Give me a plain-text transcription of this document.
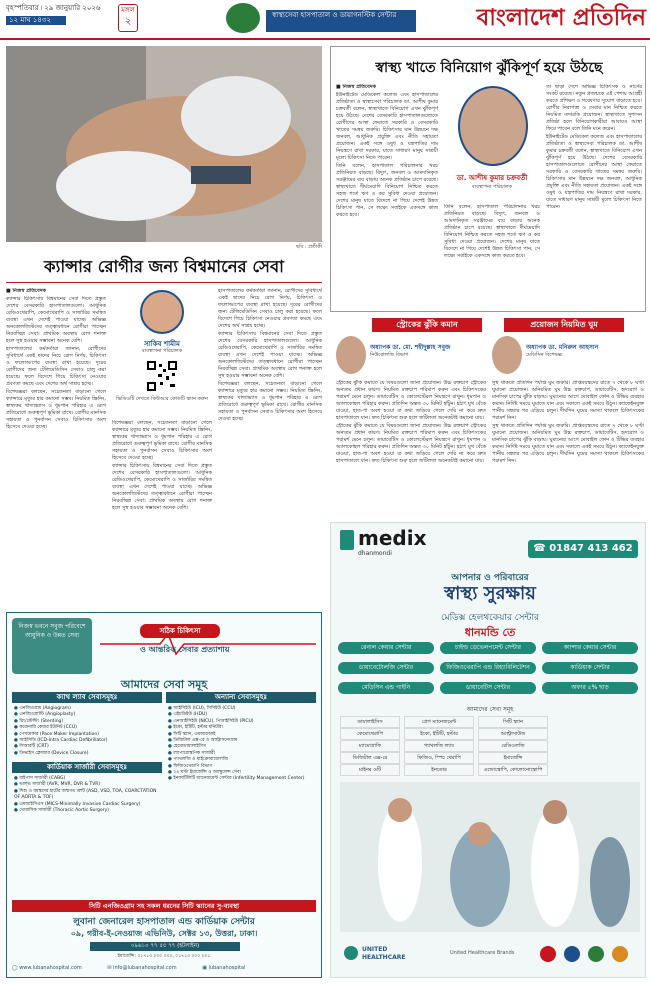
বৃহস্পতিবার ৷ ২৯ জানুয়ারি ২০২৬
১২ মাঘ ১৪৩২
মঙ্গল
২
স্বাস্থ্যসেবা হাসপাতাল ও ডায়াগনস্টিক সেন্টার	বাংলাদেশ প্রতিদিন
ছবি : প্রতীকী
ক্যান্সার রোগীর জন্য বিশ্বমানের সেবা
■ নিজস্ব প্রতিবেদক

ক্যান্সার চিকিৎসায় বিশ্বমানের সেবা দিতে প্রস্তুত দেশের বেসরকারি হাসপাতালগুলো। আধুনিক রেডিওথেরাপি, কেমোথেরাপি ও সার্জারির সমন্বিত ব্যবস্থা এখন দেশেই পাওয়া যাচ্ছে। অভিজ্ঞ অনকোলজিস্টদের তত্ত্বাবধানে রোগীরা পাচ্ছেন নিরবচ্ছিন্ন সেবা। প্রাথমিক অবস্থায় রোগ শনাক্ত হলে সুস্থ হওয়ার সম্ভাবনা অনেক বেশি।

হাসপাতালের কর্মকর্তারা জানান, রোগীদের সুবিধার্থে একই ছাদের নিচে রোগ নির্ণয়, চিকিৎসা ও ফলোআপের ব্যবস্থা রাখা হয়েছে। দূরের রোগীদের জন্য টেলিমেডিসিন সেবাও চালু করা হয়েছে। ফলে বিদেশে গিয়ে চিকিৎসা নেওয়ার প্রবণতা কমছে এবং দেশের অর্থ সাশ্রয় হচ্ছে।

বিশেষজ্ঞরা বলছেন, সচেতনতা বাড়ানো গেলে ক্যান্সারে মৃত্যুর হার কমানো সম্ভব। নিয়মিত স্ক্রিনিং, স্বাস্থ্যকর খাদ্যাভ্যাস ও ধূমপান পরিহার এ রোগ প্রতিরোধে গুরুত্বপূর্ণ ভূমিকা রাখে। রোগীর মানসিক সহায়তা ও পুনর্বাসন সেবাও চিকিৎসার অংশ হিসেবে দেওয়া হচ্ছে।

সাকিব শামীম
ব্যবস্থাপনা পরিচালক
ভিডিওটি দেখতে কিউআর কোডটি স্ক্যান করুন

বিশেষজ্ঞরা বলছেন, সচেতনতা বাড়ানো গেলে ক্যান্সারে মৃত্যুর হার কমানো সম্ভব। নিয়মিত স্ক্রিনিং, স্বাস্থ্যকর খাদ্যাভ্যাস ও ধূমপান পরিহার এ রোগ প্রতিরোধে গুরুত্বপূর্ণ ভূমিকা রাখে। রোগীর মানসিক সহায়তা ও পুনর্বাসন সেবাও চিকিৎসার অংশ হিসেবে দেওয়া হচ্ছে।

ক্যান্সার চিকিৎসায় বিশ্বমানের সেবা দিতে প্রস্তুত দেশের বেসরকারি হাসপাতালগুলো। আধুনিক রেডিওথেরাপি, কেমোথেরাপি ও সার্জারির সমন্বিত ব্যবস্থা এখন দেশেই পাওয়া যাচ্ছে। অভিজ্ঞ অনকোলজিস্টদের তত্ত্বাবধানে রোগীরা পাচ্ছেন নিরবচ্ছিন্ন সেবা। প্রাথমিক অবস্থায় রোগ শনাক্ত হলে সুস্থ হওয়ার সম্ভাবনা অনেক বেশি।

হাসপাতালের কর্মকর্তারা জানান, রোগীদের সুবিধার্থে একই ছাদের নিচে রোগ নির্ণয়, চিকিৎসা ও ফলোআপের ব্যবস্থা রাখা হয়েছে। দূরের রোগীদের জন্য টেলিমেডিসিন সেবাও চালু করা হয়েছে। ফলে বিদেশে গিয়ে চিকিৎসা নেওয়ার প্রবণতা কমছে এবং দেশের অর্থ সাশ্রয় হচ্ছে।

ক্যান্সার চিকিৎসায় বিশ্বমানের সেবা দিতে প্রস্তুত দেশের বেসরকারি হাসপাতালগুলো। আধুনিক রেডিওথেরাপি, কেমোথেরাপি ও সার্জারির সমন্বিত ব্যবস্থা এখন দেশেই পাওয়া যাচ্ছে। অভিজ্ঞ অনকোলজিস্টদের তত্ত্বাবধানে রোগীরা পাচ্ছেন নিরবচ্ছিন্ন সেবা। প্রাথমিক অবস্থায় রোগ শনাক্ত হলে সুস্থ হওয়ার সম্ভাবনা অনেক বেশি।

বিশেষজ্ঞরা বলছেন, সচেতনতা বাড়ানো গেলে ক্যান্সারে মৃত্যুর হার কমানো সম্ভব। নিয়মিত স্ক্রিনিং, স্বাস্থ্যকর খাদ্যাভ্যাস ও ধূমপান পরিহার এ রোগ প্রতিরোধে গুরুত্বপূর্ণ ভূমিকা রাখে। রোগীর মানসিক সহায়তা ও পুনর্বাসন সেবাও চিকিৎসার অংশ হিসেবে দেওয়া হচ্ছে।

স্বাস্থ্য খাতে বিনিয়োগ ঝুঁকিপূর্ণ হয়ে উঠছে
■ নিজস্ব প্রতিবেদক

ইউনাইটেড মেডিকেল কলেজ এবং হাসপাতালের প্রতিষ্ঠাতা ও স্বাস্থ্যসেবা পরিচালক ডা. আশীষ কুমার চক্রবর্তী বলেন, স্বাস্থ্যখাতে বিনিয়োগ এখন ঝুঁকিপূর্ণ হয়ে উঠছে। দেশের বেসরকারি হাসপাতালগুলোতে রোগীদের আস্থা ফেরাতে সরকারি ও বেসরকারি খাতের সমন্বয় জরুরি। চিকিৎসার মান উন্নয়নে দক্ষ জনবল, আধুনিক প্রযুক্তি এবং নীতি সহায়তা প্রয়োজন। একই সঙ্গে ওষুধ ও যন্ত্রপাতির দাম নিয়ন্ত্রণে রাখা দরকার, যাতে সাধারণ মানুষ সাশ্রয়ী মূল্যে চিকিৎসা নিতে পারেন।

তিনি বলেন, হাসপাতাল পরিচালনার খরচ প্রতিনিয়ত বাড়ছে। বিদ্যুৎ, জনবল ও আমদানিকৃত সরঞ্জামের ব্যয় বাড়ায় অনেক প্রতিষ্ঠান চাপে রয়েছে। স্বাস্থ্যখাতে দীর্ঘমেয়াদি বিনিয়োগ নিশ্চিত করতে সহজ শর্তে ঋণ ও কর সুবিধা দেওয়া প্রয়োজন। দেশের মানুষ যাতে বিদেশে না গিয়ে দেশেই উন্নত চিকিৎসা পান, সে লক্ষ্যে সবাইকে একসঙ্গে কাজ করতে হবে।

ডা. আশীষ কুমার চক্রবর্তী
ব্যবস্থাপনা পরিচালক

তিনি বলেন, হাসপাতাল পরিচালনার খরচ প্রতিনিয়ত বাড়ছে। বিদ্যুৎ, জনবল ও আমদানিকৃত সরঞ্জামের ব্যয় বাড়ায় অনেক প্রতিষ্ঠান চাপে রয়েছে। স্বাস্থ্যখাতে দীর্ঘমেয়াদি বিনিয়োগ নিশ্চিত করতে সহজ শর্তে ঋণ ও কর সুবিধা দেওয়া প্রয়োজন। দেশের মানুষ যাতে বিদেশে না গিয়ে দেশেই উন্নত চিকিৎসা পান, সে লক্ষ্যে সবাইকে একসঙ্গে কাজ করতে হবে।

তা ছাড়া দেশে অভিজ্ঞ চিকিৎসক ও নার্সের সংকট রয়েছে। নতুন প্রজন্মকে এই পেশায় আগ্রহী করতে প্রশিক্ষণ ও গবেষণার সুযোগ বাড়াতে হবে। রোগীর নিরাপত্তা ও সেবার মান নিশ্চিত করতে নিয়মিত তদারকি প্রয়োজন। স্বাস্থ্যখাতে সুশাসন প্রতিষ্ঠা হলে বিনিয়োগকারীরা আবারও আস্থা ফিরে পাবেন বলে তিনি মনে করেন।

ইউনাইটেড মেডিকেল কলেজ এবং হাসপাতালের প্রতিষ্ঠাতা ও স্বাস্থ্যসেবা পরিচালক ডা. আশীষ কুমার চক্রবর্তী বলেন, স্বাস্থ্যখাতে বিনিয়োগ এখন ঝুঁকিপূর্ণ হয়ে উঠছে। দেশের বেসরকারি হাসপাতালগুলোতে রোগীদের আস্থা ফেরাতে সরকারি ও বেসরকারি খাতের সমন্বয় জরুরি। চিকিৎসার মান উন্নয়নে দক্ষ জনবল, আধুনিক প্রযুক্তি এবং নীতি সহায়তা প্রয়োজন। একই সঙ্গে ওষুধ ও যন্ত্রপাতির দাম নিয়ন্ত্রণে রাখা দরকার, যাতে সাধারণ মানুষ সাশ্রয়ী মূল্যে চিকিৎসা নিতে পারেন।

স্ট্রোকের ঝুঁকি কমান
অধ্যাপক ডা. মো. শহীদুল্লাহ সবুজ
নিউরোলজি বিভাগ

স্ট্রোকের ঝুঁকি কমাতে যে বিষয়গুলো জানা প্রয়োজন। উচ্চ রক্তচাপ স্ট্রোকের অন্যতম প্রধান কারণ। নিয়মিত রক্তচাপ পরিমাপ করুন এবং চিকিৎসকের পরামর্শ মেনে চলুন। ডায়াবেটিস ও কোলেস্টেরল নিয়ন্ত্রণে রাখুন। ধূমপান ও অ্যালকোহল পরিহার করুন। প্রতিদিন অন্তত ৩০ মিনিট হাঁটুন। হঠাৎ মুখ বেঁকে যাওয়া, হাত-পা অবশ হওয়া বা কথা জড়িয়ে গেলে দেরি না করে দ্রুত হাসপাতালে যান। দ্রুত চিকিৎসা শুরু হলে জটিলতা অনেকটাই কমানো যায়।

স্ট্রোকের ঝুঁকি কমাতে যে বিষয়গুলো জানা প্রয়োজন। উচ্চ রক্তচাপ স্ট্রোকের অন্যতম প্রধান কারণ। নিয়মিত রক্তচাপ পরিমাপ করুন এবং চিকিৎসকের পরামর্শ মেনে চলুন। ডায়াবেটিস ও কোলেস্টেরল নিয়ন্ত্রণে রাখুন। ধূমপান ও অ্যালকোহল পরিহার করুন। প্রতিদিন অন্তত ৩০ মিনিট হাঁটুন। হঠাৎ মুখ বেঁকে যাওয়া, হাত-পা অবশ হওয়া বা কথা জড়িয়ে গেলে দেরি না করে দ্রুত হাসপাতালে যান। দ্রুত চিকিৎসা শুরু হলে জটিলতা অনেকটাই কমানো যায়।

প্রয়োজন নিয়মিত ঘুম
অধ্যাপক ডা. মনিরুল আহসান
মেডিসিন বিশেষজ্ঞ

সুস্থ থাকতে প্রতিদিন পর্যাপ্ত ঘুম জরুরি। প্রাপ্তবয়স্কদের রাতে ৭ থেকে ৮ ঘণ্টা ঘুমানো প্রয়োজন। অনিয়মিত ঘুম উচ্চ রক্তচাপ, ডায়াবেটিস, হৃদরোগ ও মানসিক চাপের ঝুঁকি বাড়ায়। ঘুমানোর আগে মোবাইল ফোন ও টিভির ব্যবহার কমান। নির্দিষ্ট সময়ে ঘুমাতে যান এবং সকালে একই সময়ে উঠুন। ক্যাফেইনযুক্ত পানীয় সন্ধ্যার পর এড়িয়ে চলুন। দীর্ঘদিন ঘুমের সমস্যা থাকলে চিকিৎসকের পরামর্শ নিন।

সুস্থ থাকতে প্রতিদিন পর্যাপ্ত ঘুম জরুরি। প্রাপ্তবয়স্কদের রাতে ৭ থেকে ৮ ঘণ্টা ঘুমানো প্রয়োজন। অনিয়মিত ঘুম উচ্চ রক্তচাপ, ডায়াবেটিস, হৃদরোগ ও মানসিক চাপের ঝুঁকি বাড়ায়। ঘুমানোর আগে মোবাইল ফোন ও টিভির ব্যবহার কমান। নির্দিষ্ট সময়ে ঘুমাতে যান এবং সকালে একই সময়ে উঠুন। ক্যাফেইনযুক্ত পানীয় সন্ধ্যার পর এড়িয়ে চলুন। দীর্ঘদিন ঘুমের সমস্যা থাকলে চিকিৎসকের পরামর্শ নিন।

নিজস্ব ভবনে সবুজ পরিবেশে আধুনিক ও উন্নত সেবা
সঠিক চিকিৎসা
ও আন্তরিক সেবার প্রত্যাশায়
আমাদের সেবা সমূহ
ক্যাথ ল্যাব সেবাসমূহঃ
● এনজিওগ্রাম (Angiogram)
● এনজিওপ্লাস্টি (Angioplasty)
● রিং/স্টেন্টিং (Stenting)
● করোনারি কেয়ার ইউনিট (CCU)
● পেসমেকার (Pace Maker Implantation)
● আইসিডি (ICD-Intra Cardiac Defibrillator)
● সিআরটি (CRT)
● ডিভাইস ক্লোজার (Device Closure)
কার্ডিয়াক সার্জারী সেবাসমূহঃ
● বাইপাস সার্জারী (CABG)
● ভাল্‌ভ সার্জারী (AVR, MVR, DVR & TVR)
● শিশু ও বয়স্কদের হার্টের জন্মগত ত্রুটি (ASD, VSD, TOA, COARCTATION OF AORTA & TOF)
● এমআইসিএস (MICS-Minimally Invasive Cardiac Surgery)
● থোরাসিক সার্জারী (Thoracic Aortic Surgery)
অন্যান্য সেবাসমূহঃ
● আইসিইউ (ICU), সিসিইউ (CCU)
● এইচডিইউ (HDU)
● এনআইসিইউ (NICU), পিআইসিইউ (PICU)
● ইকো, ইটিটি, হল্টার মনিটরিং
● সিটি স্ক্যান, এমআরআই
● ডিজিটাল এক্স-রে ও আল্ট্রাসনোগ্রাম
● হেমোডায়ালাইসিস
● ল্যাপারোস্কপিক সার্জারী
● প্যাথলজি ও মাইক্রোবায়োলজি
● ফিজিওথেরাপি বিভাগ
● ২৪ ঘণ্টা ইমার্জেন্সি ও অ্যাম্বুলেন্স সেবা
● ইনফার্টিলিটি ম্যানেজমেন্ট সেন্টার (Infertility Management Center)
সিটি এনজিওগ্রাম সহ সকল ধরনের সিটি স্ক্যানের সু-ব্যবস্থা
লুবানা জেনারেল হাসপাতাল এন্ড কার্ডিয়াক সেন্টার
০৯, গরীব-ই-নেওয়াজ এভিনিউ, সেক্টর ১৩, উত্তরা, ঢাকা।
০৯৬১০ ৭৭ ৫৫ ৭৭ (হটলাইন)
ইমার্জেন্সি: ০১৭১৩ ০০০ ০০০, ০১৭১৩ ০০০ ০০১
◯ www.lubanahospital.com	✉ info@lubanahospital.com	▣ lubanahospital
medix
dhanmondi	☎ 01847 413 462
আপনার ও পরিবারের
স্বাস্থ্য সুরক্ষায়
মেডিক্স হেলথকেয়ার সেন্টার
ধানমন্ডি তে
রেনাল কেয়ার সেন্টার	চাইল্ড ডেভেলপমেন্ট সেন্টার	ক্যান্সার কেয়ার সেন্টার
ডায়াবেটোলজি সেন্টার	ফিজিওথেরাপি এন্ড রিহ্যাবিলিটেশন	কার্ডিয়াক সেন্টার
মেডিসিন এন্ড গাইনি	ডায়াবেটিস সেন্টার	অফার ৫% ছাড়
আমাদের সেবা সমূহ
ডায়ালাইসিস	প্রেগ ম্যানেজমেন্ট	সিটি স্ক্যান
কেমোথেরাপি	ইকো, ইটিটি, হল্টার	আল্ট্রাসাউন্ড
ম্যামোগ্রাফি	প্যাথলজি ল্যাব	রেডিওলজি
ডিজিটাল এক্স-রে	ফিজিও, স্পিচ থেরাপি	ইমার্জেন্সি
মাইনর ওটি	ইনডোর	এন্ডোস্কোপি, কোলোনোস্কোপি
UNITED HEALTHCARE
United Healthcare Brands
